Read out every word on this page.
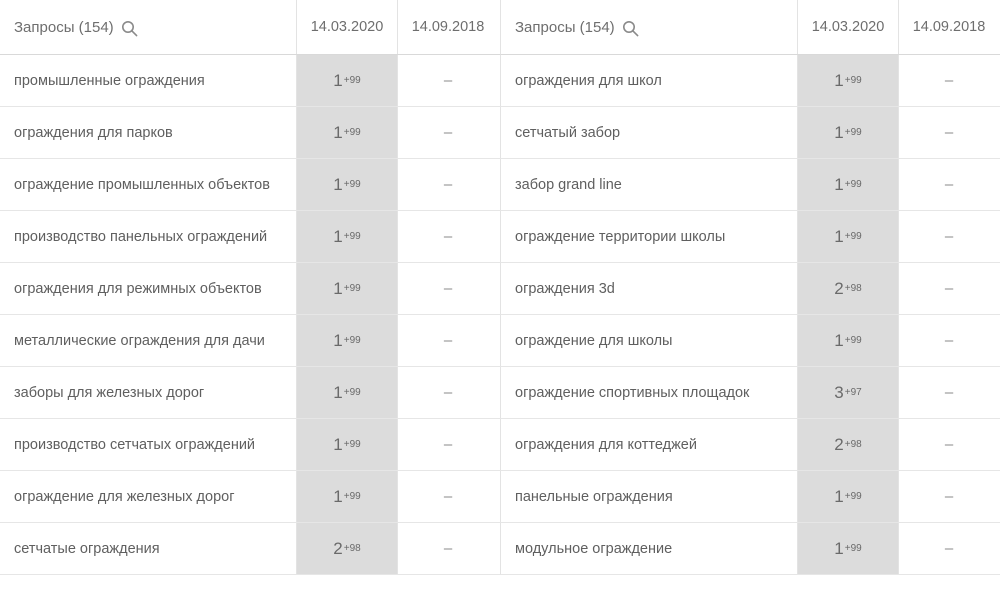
Запросы (154)	14.03.2020	14.09.2018
промышленные ограждения	1 +99	–
ограждения для парков	1 +99	–
ограждение промышленных объектов	1 +99	–
производство панельных ограждений	1 +99	–
ограждения для режимных объектов	1 +99	–
металлические ограждения для дачи	1 +99	–
заборы для железных дорог	1 +99	–
производство сетчатых ограждений	1 +99	–
ограждение для железных дорог	1 +99	–
сетчатые ограждения	2 +98	–
Запросы (154)	14.03.2020	14.09.2018
ограждения для школ	1 +99	–
сетчатый забор	1 +99	–
забор grand line	1 +99	–
ограждение территории школы	1 +99	–
ограждения 3d	2 +98	–
ограждение для школы	1 +99	–
ограждение спортивных площадок	3 +97	–
ограждения для коттеджей	2 +98	–
панельные ограждения	1 +99	–
модульное ограждение	1 +99	–
